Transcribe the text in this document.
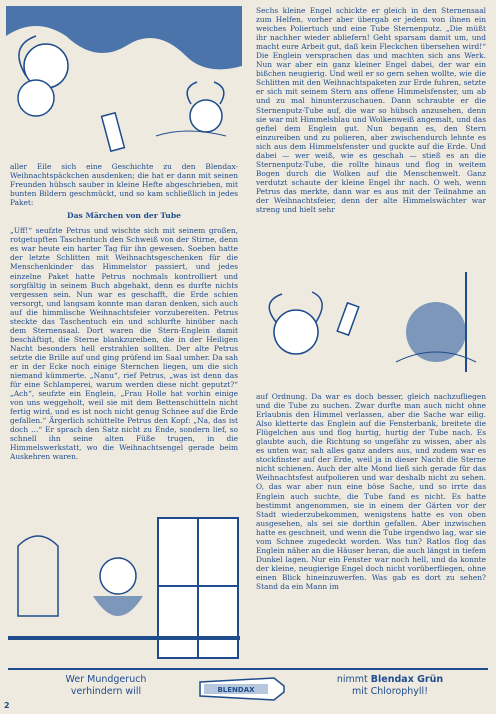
aller Eile sich eine Geschichte zu den Blendax-Weihnachtspäckchen ausdenken; die hat er dann mit seinen Freunden hübsch sauber in kleine Hefte abgeschrieben, mit bunten Bildern geschmückt, und so kam schließlich in jedes Paket:

Das Märchen von der Tube

„Uff!“ seufzte Petrus und wischte sich mit seinem großen, rotgetupften Taschentuch den Schweiß von der Stirne, denn es war heute ein harter Tag für ihn gewesen. Soeben hatte der letzte Schlitten mit Weihnachtsgeschenken für die Menschenkinder das Himmelstor passiert, und jedes einzelne Paket hatte Petrus nochmals kontrolliert und sorgfältig in seinem Buch abgehakt, denn es durfte nichts vergessen sein. Nun war es geschafft, die Erde schien versorgt, und langsam konnte man daran denken, sich auch auf die himmlische Weihnachtsfeier vorzubereiten. Petrus steckte das Taschentuch ein und schlurfte hinüber nach dem Sternensaal. Dort waren die Stern-Englein damit beschäftigt, die Sterne blankzureiben, die in der Heiligen Nacht besonders hell erstrahlen sollten. Der alte Petrus setzte die Brille auf und ging prüfend im Saal umher. Da sah er in der Ecke noch einige Sternchen liegen, um die sich niemand kümmerte. „Nanu“, rief Petrus, „was ist denn das für eine Schlamperei, warum werden diese nicht geputzt?“ „Ach“, seufzte ein Englein, „Frau Holle hat vorhin einige von uns weggeholt, weil sie mit dem Bettenschütteln nicht fertig wird, und es ist noch nicht genug Schnee auf die Erde gefallen.“ Ärgerlich schüttelte Petrus den Kopf: „Na, das ist doch …“ Er sprach den Satz nicht zu Ende, sondern lief, so schnell ihn seine alten Füße trugen, in die Himmelswerkstatt, wo die Weihnachtsengel gerade beim Auskehren waren.

Sechs kleine Engel schickte er gleich in den Sternensaal zum Helfen, vorher aber übergab er jedem von ihnen ein weiches Poliertuch und eine Tube Sternenputz. „Die müßt ihr nachher wieder abliefern! Geht sparsam damit um, und macht eure Arbeit gut, daß kein Fleckchen übersehen wird!“ Die Englein versprachen das und machten sich ans Werk. Nun war aber ein ganz kleiner Engel dabei, der war ein bißchen neugierig. Und weil er so gern sehen wollte, wie die Schlitten mit den Weihnachtspaketen zur Erde fuhren, setzte er sich mit seinem Stern ans offene Himmelsfenster, um ab und zu mal hinunterzuschauen. Dann schraubte er die Sternenputz-Tube auf, die war so hübsch anzusehen, denn sie war mit Himmelsblau und Wolkenweiß angemalt, und das gefiel dem Englein gut. Nun begann es, den Stern einzureiben und zu polieren, aber zwischendurch lehnte es sich aus dem Himmelsfenster und guckte auf die Erde. Und dabei — wer weiß, wie es geschah — stieß es an die Sternenputz-Tube, die rollte hinaus und flog in weitem Bogen durch die Wolken auf die Menschenwelt. Ganz verdutzt schaute der kleine Engel ihr nach. O weh, wenn Petrus das merkte, dann war es aus mit der Teilnahme an der Weihnachtsfeier, denn der alte Himmelswächter war streng und hielt sehr

auf Ordnung. Da war es doch besser, gleich nachzufliegen und die Tube zu suchen. Zwar durfte man auch nicht ohne Erlaubnis den Himmel verlassen, aber die Sache war eilig. Also kletterte das Englein auf die Fensterbank, breitete die Flügelchen aus und flog hurtig, hurtig der Tube nach. Es glaubte auch, die Richtung so ungefähr zu wissen, aber als es unten war, sah alles ganz anders aus, und zudem war es stockfinster auf der Erde, weil ja in dieser Nacht die Sterne nicht schienen. Auch der alte Mond ließ sich gerade für das Weihnachtsfest aufpolieren und war deshalb nicht zu sehen. O, das war aber nun eine böse Sache, und so irrte das Englein auch suchte, die Tube fand es nicht. Es hatte bestimmt angenommen, sie in einem der Gärten vor der Stadt wiederzubekommen, wenigstens hatte es von oben ausgesehen, als sei sie dorthin gefallen. Aber inzwischen hatte es geschneit, und wenn die Tube irgendwo lag, war sie vom Schnee zugedeckt worden. Was tun? Ratlos flog das Englein näher an die Häuser heran, die auch längst in tiefem Dunkel lagen. Nur ein Fenster war noch hell, und da konnte der kleine, neugierige Engel doch nicht vorüberfliegen, ohne einen Blick hineinzuwerfen. Was gab es dort zu sehen? Stand da ein Mann im

Wer Mundgeruch
verhindern will	BLENDAX
nimmt Blendax Grün
mit Chlorophyll!
2
